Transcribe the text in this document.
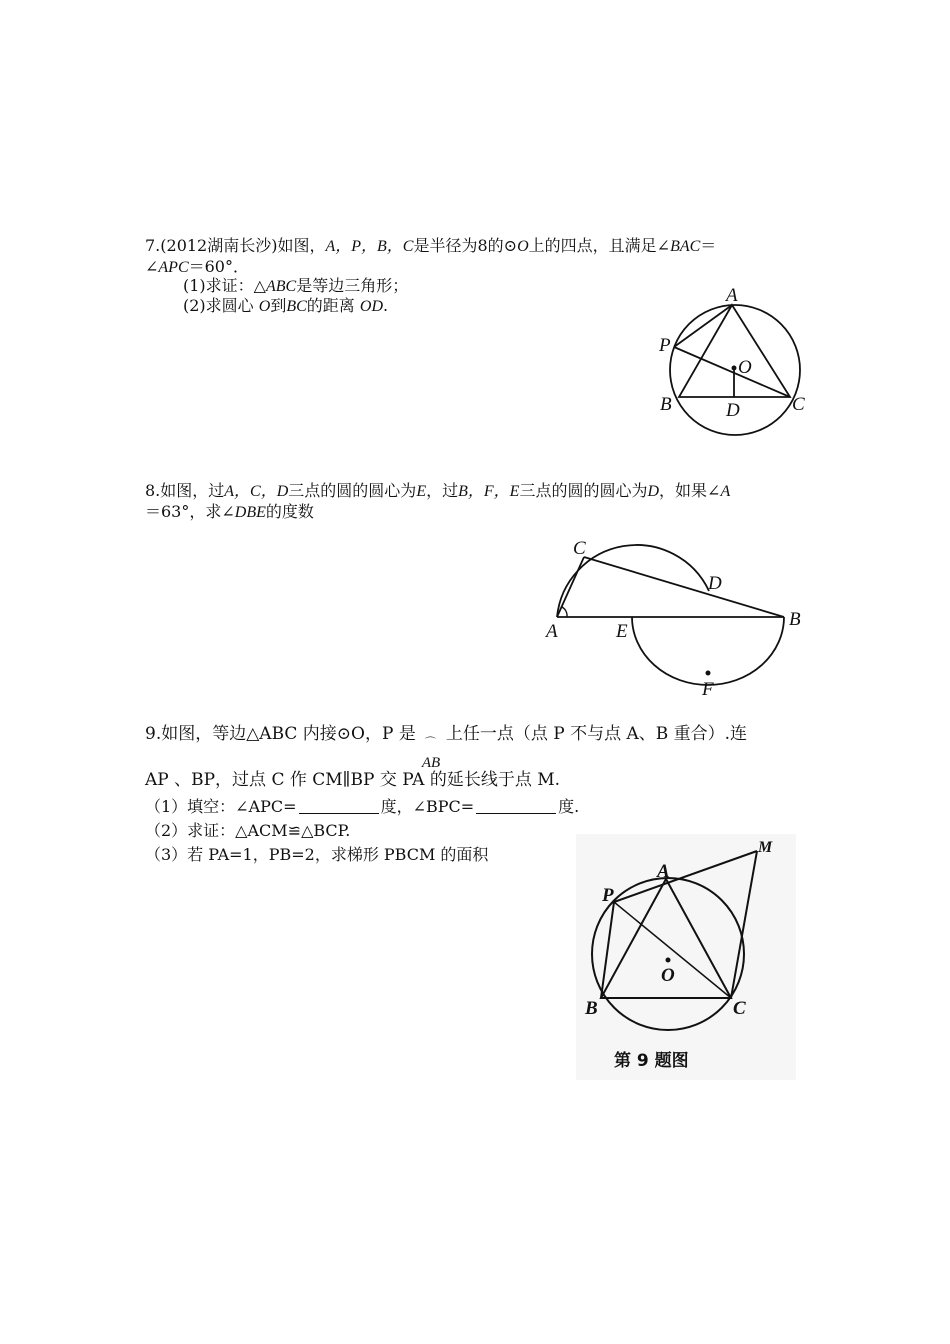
7.(2012湖南长沙)如图，A，P，B，C是半径为8的⊙O上的四点，且满足∠BAC＝
∠APC＝60°．
(1)求证：△ABC是等边三角形；
(2)求圆心 O到BC的距离 OD.	A
P
O
B	D	C
8.如图，过A，C，D三点的圆的圆心为E，过B，F，E三点的圆的圆心为D，如果∠A
＝63°，求∠DBE的度数
C
D
A	E
B
F
9.如图，等边△ABC 内接⊙O，P 是 ⌒
AB
上任一点（点 P 不与点 A、B 重合）.连
AP 、BP，过点 C 作 CM∥BP 交 PA 的延长线于点 M.
（1）填空：∠APC=	度，∠BPC=	度.
（2）求证：△ACM≌△BCP.
（3）若 PA=1，PB=2，求梯形 PBCM 的面积	M
A
P
O
B	C
第 9 题图
